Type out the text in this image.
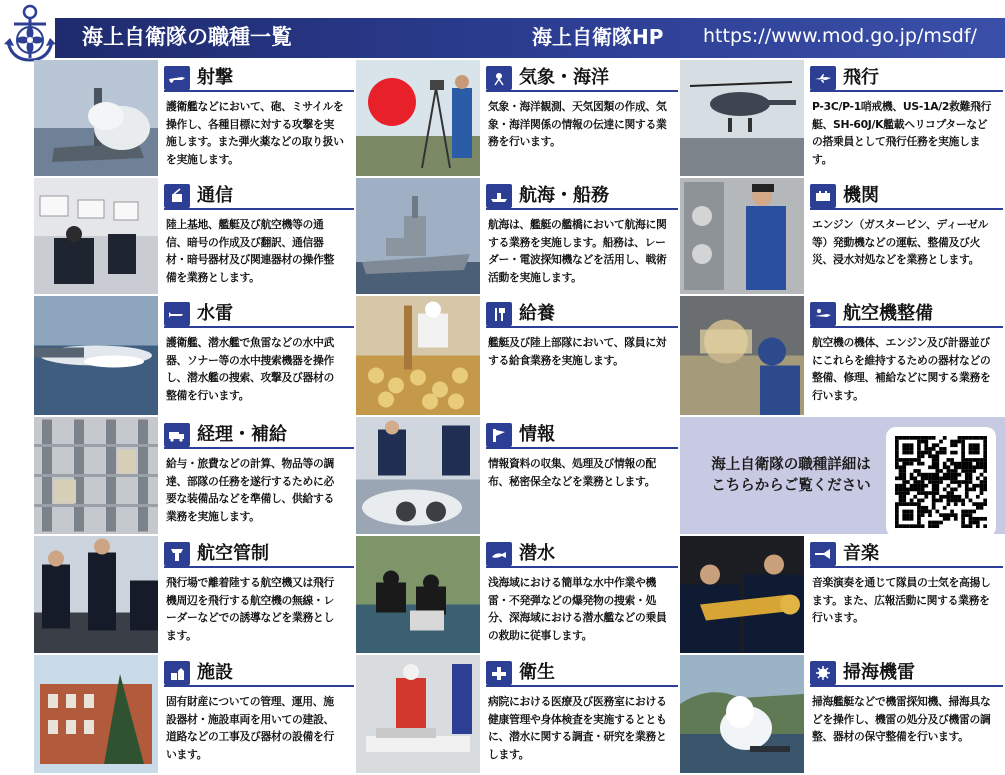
海上自衛隊の職種一覧	海上自衛隊HP https://www.mod.go.jp/msdf/
射撃
護衛艦などにおいて、砲、ミサイルを操作し、各種目標に対する攻撃を実施します。また弾火薬などの取り扱いを実施します。
気象・海洋
気象・海洋観測、天気図類の作成、気象・海洋関係の情報の伝達に関する業務を行います。
飛行
P-3C/P-1哨戒機、US-1A/2救難飛行艇、SH-60J/K艦載ヘリコプターなどの搭乗員として飛行任務を実施します。
通信
陸上基地、艦艇及び航空機等の通信、暗号の作成及び翻訳、通信器材・暗号器材及び関連器材の操作整備を業務とします。
航海・船務
航海は、艦艇の艦橋において航海に関する業務を実施します。船務は、レーダー・電波探知機などを活用し、戦術活動を実施します。
機関
エンジン（ガスタービン、ディーゼル等）発動機などの運転、整備及び火災、浸水対処などを業務とします。
水雷
護衛艦、潜水艦で魚雷などの水中武器、ソナー等の水中捜索機器を操作し、潜水艦の捜索、攻撃及び器材の整備を行います。
給養
艦艇及び陸上部隊において、隊員に対する給食業務を実施します。
航空機整備
航空機の機体、エンジン及び計器並びにこれらを維持するための器材などの整備、修理、補給などに関する業務を行います。
経理・補給
給与・旅費などの計算、物品等の調達、部隊の任務を遂行するために必要な装備品などを準備し、供給する業務を実施します。
情報
情報資料の収集、処理及び情報の配布、秘密保全などを業務とします。
航空管制
飛行場で離着陸する航空機又は飛行機周辺を飛行する航空機の無線・レーダーなどでの誘導などを業務とします。
潜水
浅海域における簡単な水中作業や機雷・不発弾などの爆発物の捜索・処分、深海域における潜水艦などの乗員の救助に従事します。
音楽
音楽演奏を通じて隊員の士気を高揚します。また、広報活動に関する業務を行います。
施設
固有財産についての管理、運用、施設器材・施設車両を用いての建設、道路などの工事及び器材の設備を行います。
衛生
病院における医療及び医務室における健康管理や身体検査を実施するとともに、潜水に関する調査・研究を業務とします。
掃海機雷
掃海艦艇などで機雷探知機、掃海具などを操作し、機雷の処分及び機雷の調整、器材の保守整備を行います。
海上自衛隊の職種詳細は
こちらからご覧ください
